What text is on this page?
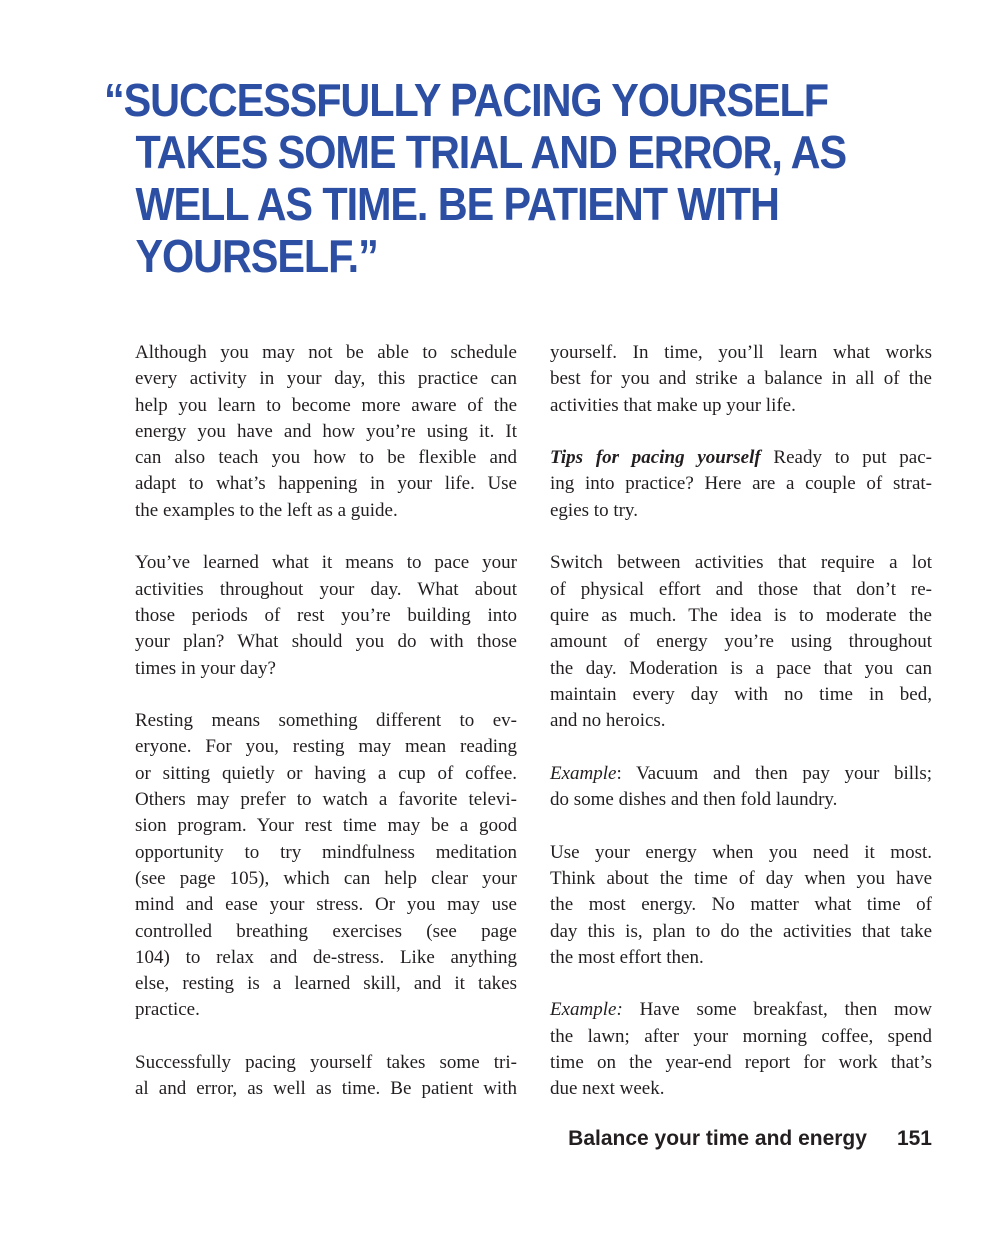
“SUCCESSFULLY PACING YOURSELF
TAKES SOME TRIAL AND ERROR, AS
WELL AS TIME. BE PATIENT WITH
YOURSELF.”
Although you may not be able to schedule
every activity in your day, this practice can
help you learn to become more aware of the
energy you have and how you’re using it. It
can also teach you how to be flexible and
adapt to what’s happening in your life. Use
the examples to the left as a guide.
You’ve learned what it means to pace your
activities throughout your day. What about
those periods of rest you’re building into
your plan? What should you do with those
times in your day?
Resting means something different to ev-
eryone. For you, resting may mean reading
or sitting quietly or having a cup of coffee.
Others may prefer to watch a favorite televi-
sion program. Your rest time may be a good
opportunity to try mindfulness meditation
(see page 105), which can help clear your
mind and ease your stress. Or you may use
controlled breathing exercises (see page
104) to relax and de-stress. Like anything
else, resting is a learned skill, and it takes
practice.
Successfully pacing yourself takes some tri-
al and error, as well as time. Be patient with
yourself. In time, you’ll learn what works
best for you and strike a balance in all of the
activities that make up your life.
Tips for pacing yourself Ready to put pac-
ing into practice? Here are a couple of strat-
egies to try.
Switch between activities that require a lot
of physical effort and those that don’t re-
quire as much. The idea is to moderate the
amount of energy you’re using throughout
the day. Moderation is a pace that you can
maintain every day with no time in bed,
and no heroics.
Example: Vacuum and then pay your bills;
do some dishes and then fold laundry.
Use your energy when you need it most.
Think about the time of day when you have
the most energy. No matter what time of
day this is, plan to do the activities that take
the most effort then.
Example: Have some breakfast, then mow
the lawn; after your morning coffee, spend
time on the year-end report for work that’s
due next week.
Balance your time and energy 151
